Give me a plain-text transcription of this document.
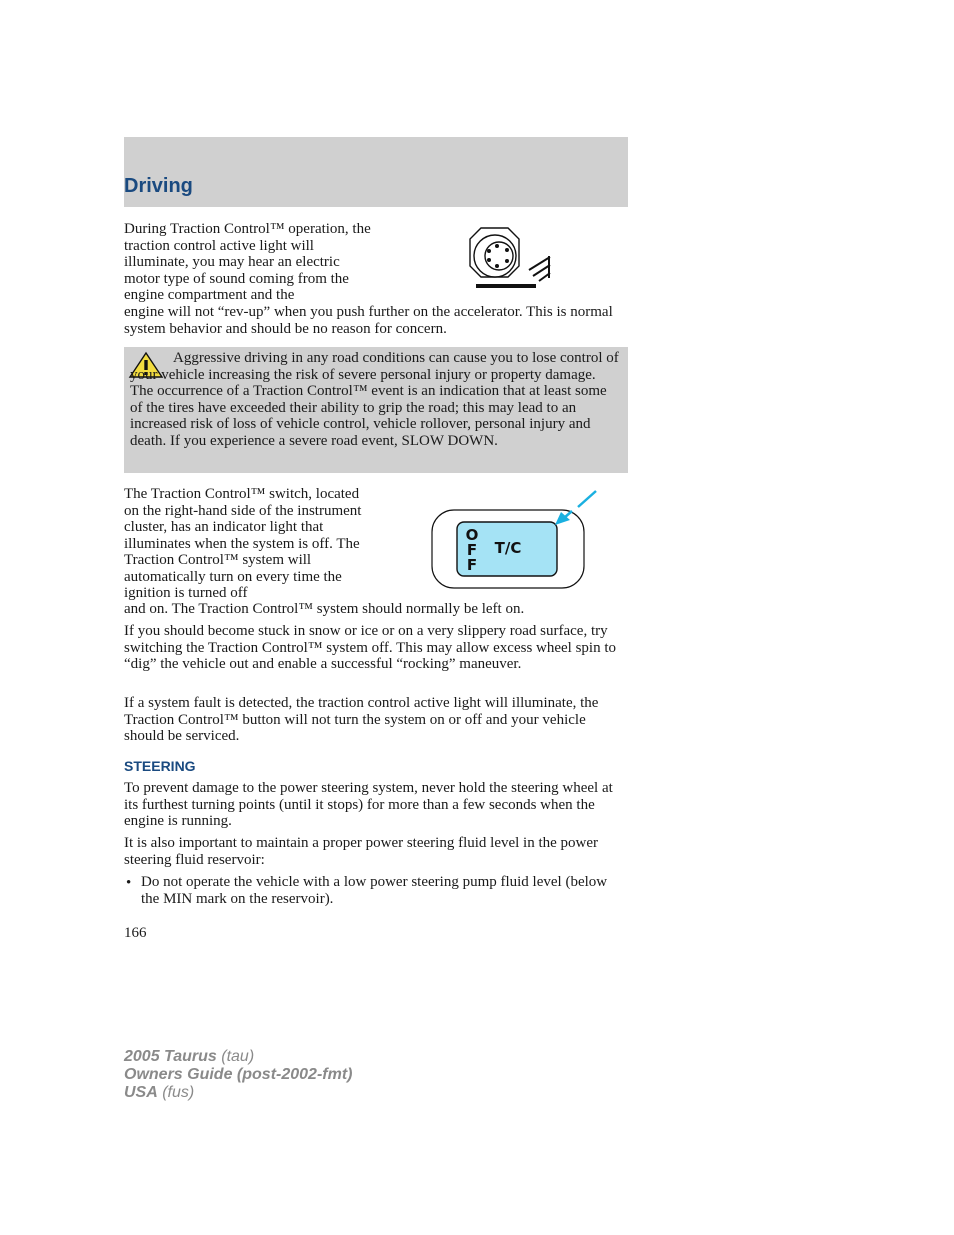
Driving

During Traction Control™ operation, the traction control active light will illuminate, you may hear an electric motor type of sound coming from the engine compartment and the

engine will not “rev-up” when you push further on the accelerator. This is normal system behavior and should be no reason for concern.

Aggressive driving in any road conditions can cause you to lose control of your vehicle increasing the risk of severe personal injury or property damage. The occurrence of a Traction Control™ event is an indication that at least some of the tires have exceeded their ability to grip the road; this may lead to an increased risk of loss of vehicle control, vehicle rollover, personal injury and death. If you experience a severe road event, SLOW DOWN.

The Traction Control™ switch, located on the right-hand side of the instrument cluster, has an indicator light that illuminates when the system is off. The Traction Control™ system will automatically turn on every time the ignition is turned off

and on. The Traction Control™ system should normally be left on.

O
F
F
T/C

If you should become stuck in snow or ice or on a very slippery road surface, try switching the Traction Control™ system off. This may allow excess wheel spin to “dig” the vehicle out and enable a successful “rocking” maneuver.

If a system fault is detected, the traction control active light will illuminate, the Traction Control™ button will not turn the system on or off and your vehicle should be serviced.

STEERING

To prevent damage to the power steering system, never hold the steering wheel at its furthest turning points (until it stops) for more than a few seconds when the engine is running.

It is also important to maintain a proper power steering fluid level in the power steering fluid reservoir:

• Do not operate the vehicle with a low power steering pump fluid level (below the MIN mark on the reservoir).

166
2005 Taurus (tau)
Owners Guide (post-2002-fmt)
USA (fus)
